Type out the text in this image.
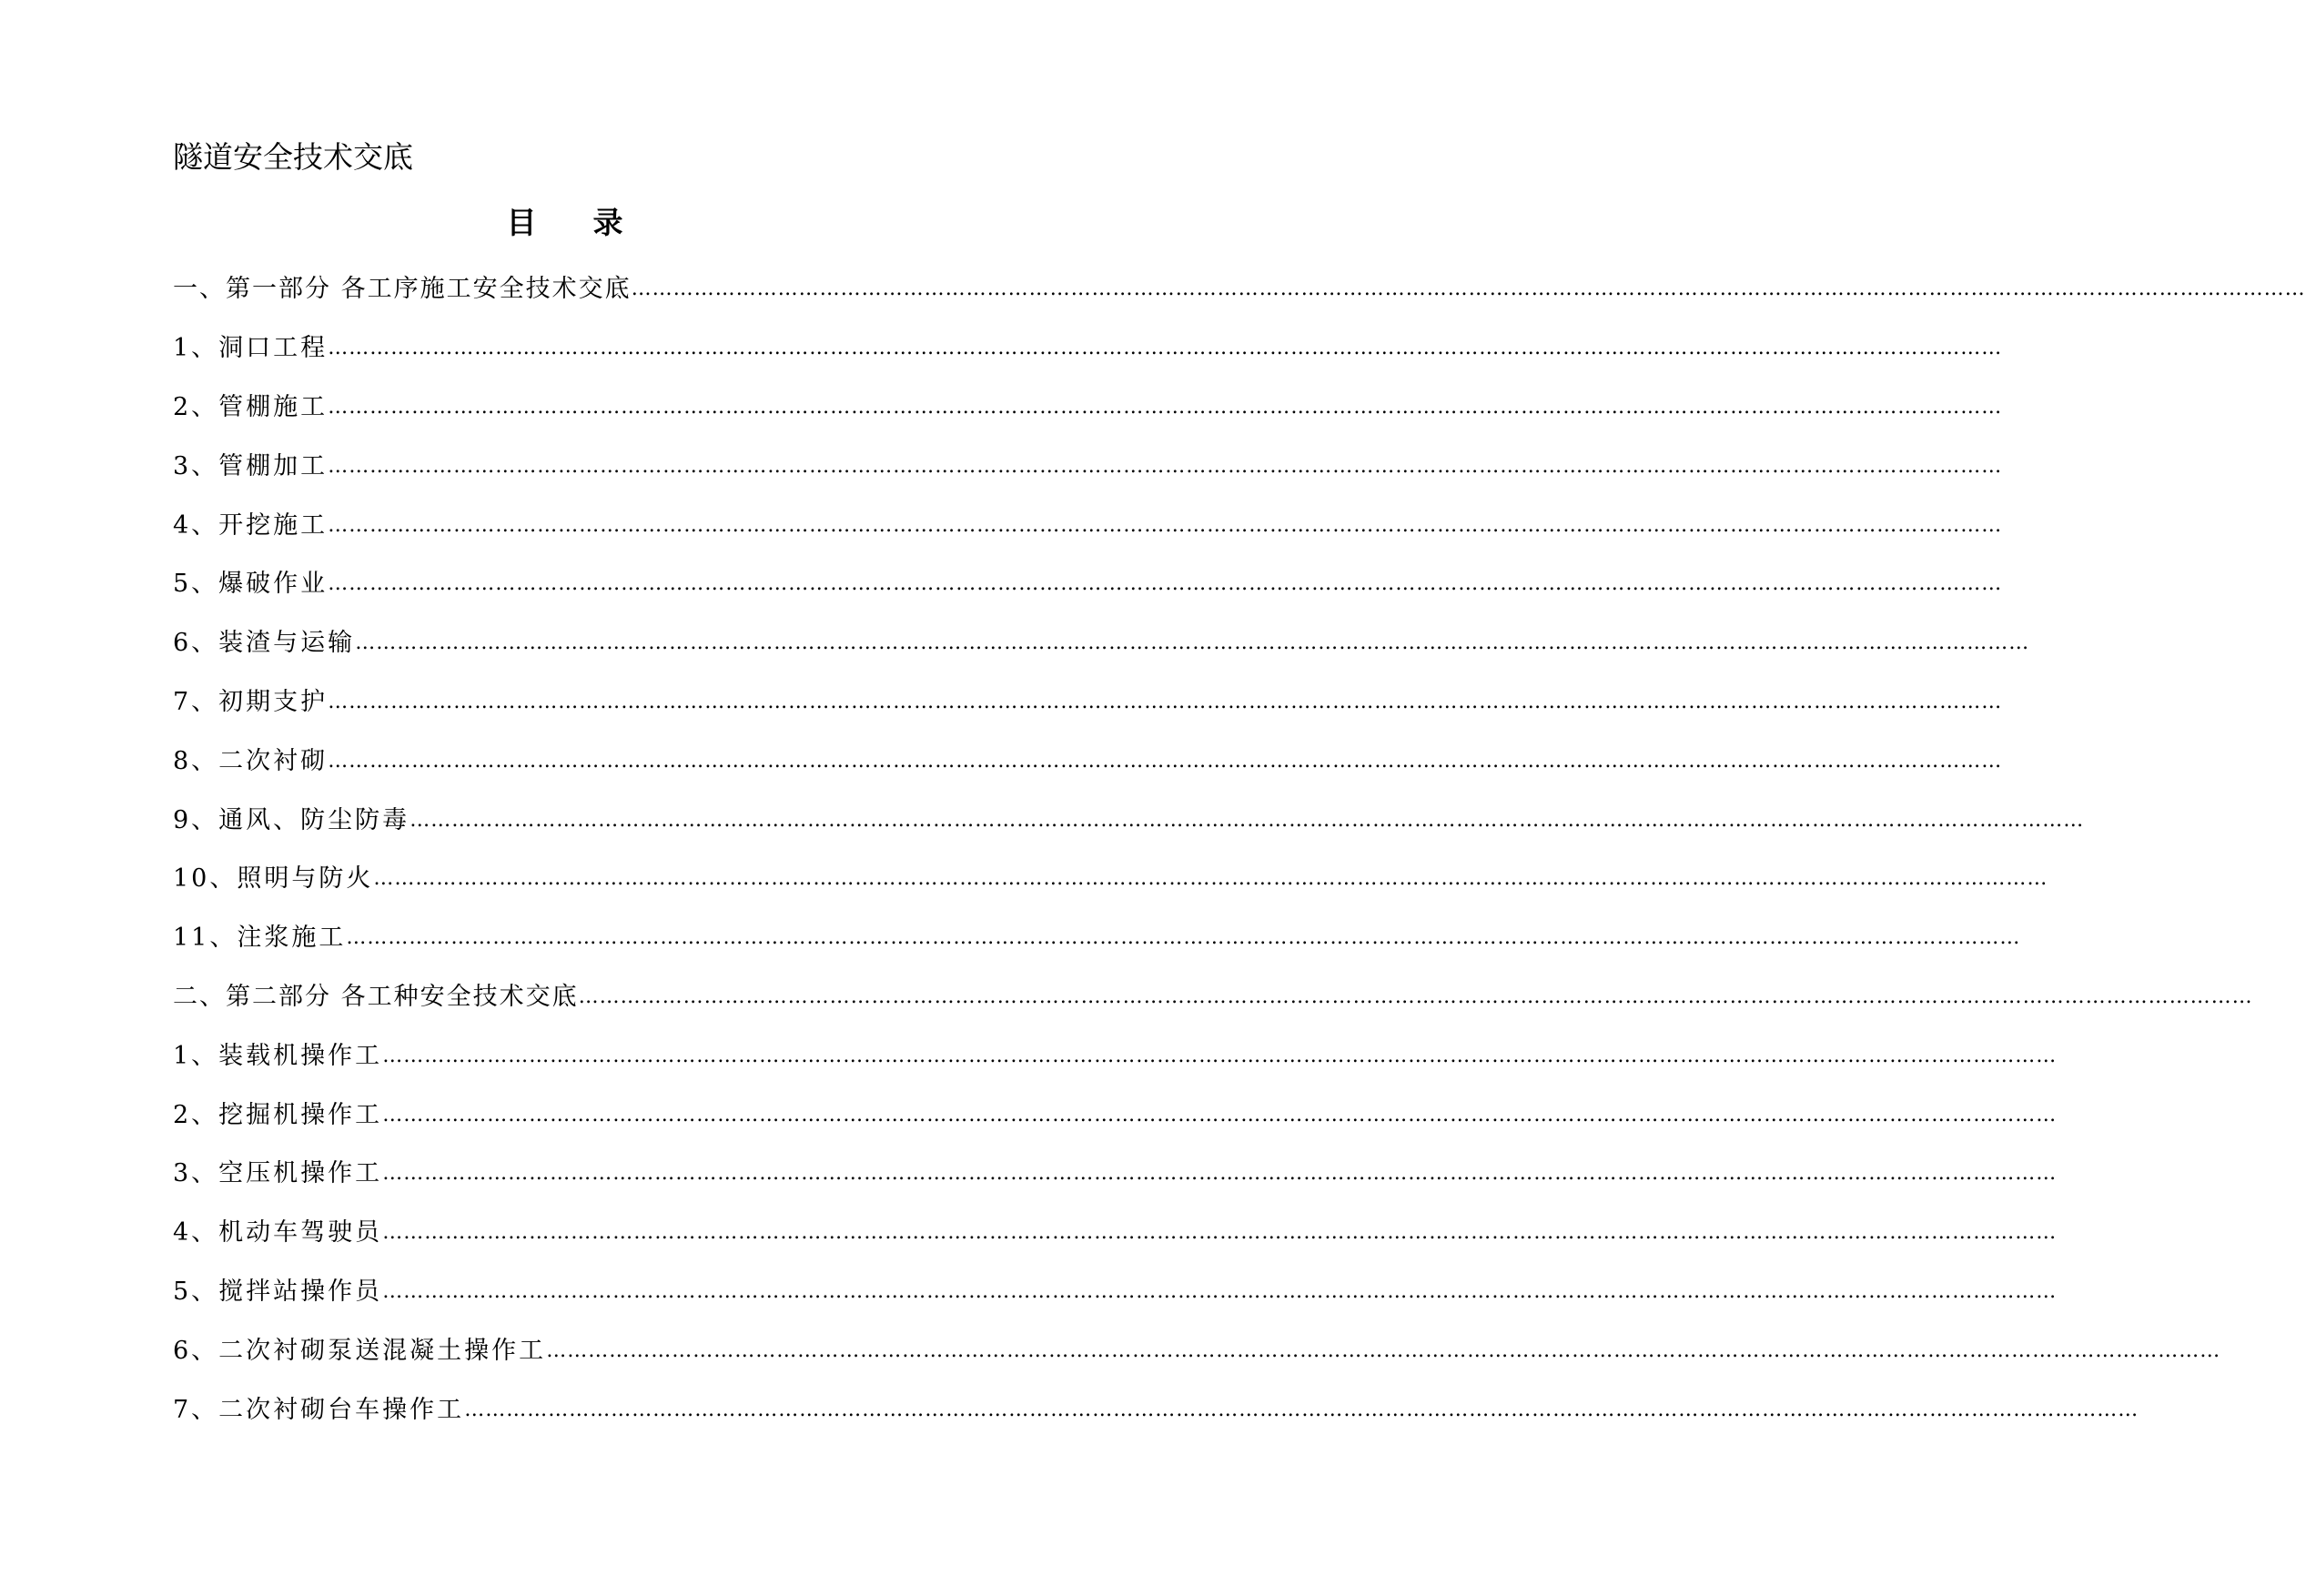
隧道安全技术交底
目录
一、第一部分 各工序施工安全技术交底 ……………………………………………………………………………………………………………………………………………………………………………………………………………………
1、洞口工程 ……………………………………………………………………………………………………………………………………………………………………………………………………………………
2、管棚施工 ……………………………………………………………………………………………………………………………………………………………………………………………………………………
3、管棚加工 ……………………………………………………………………………………………………………………………………………………………………………………………………………………
4、开挖施工 ……………………………………………………………………………………………………………………………………………………………………………………………………………………
5、爆破作业 ……………………………………………………………………………………………………………………………………………………………………………………………………………………
6、装渣与运输 ……………………………………………………………………………………………………………………………………………………………………………………………………………………
7、初期支护 ……………………………………………………………………………………………………………………………………………………………………………………………………………………
8、二次衬砌 ……………………………………………………………………………………………………………………………………………………………………………………………………………………
9、通风、防尘防毒 ……………………………………………………………………………………………………………………………………………………………………………………………………………………
10、照明与防火 ……………………………………………………………………………………………………………………………………………………………………………………………………………………
11、注浆施工 ……………………………………………………………………………………………………………………………………………………………………………………………………………………
二、第二部分 各工种安全技术交底 ……………………………………………………………………………………………………………………………………………………………………………………………………………………
1、装载机操作工 ……………………………………………………………………………………………………………………………………………………………………………………………………………………
2、挖掘机操作工 ……………………………………………………………………………………………………………………………………………………………………………………………………………………
3、空压机操作工 ……………………………………………………………………………………………………………………………………………………………………………………………………………………
4、机动车驾驶员 ……………………………………………………………………………………………………………………………………………………………………………………………………………………
5、搅拌站操作员 ……………………………………………………………………………………………………………………………………………………………………………………………………………………
6、二次衬砌泵送混凝土操作工 ……………………………………………………………………………………………………………………………………………………………………………………………………………………
7、二次衬砌台车操作工 ……………………………………………………………………………………………………………………………………………………………………………………………………………………
